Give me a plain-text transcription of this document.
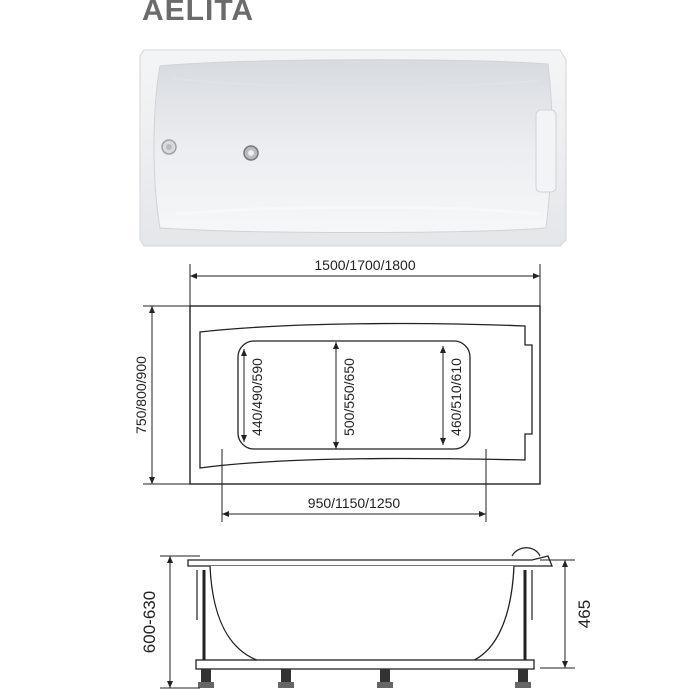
AELITA
1500/1700/1800
750/800/900
950/1150/1250
440/490/590	500/550/650	460/510/610
600-630	465
